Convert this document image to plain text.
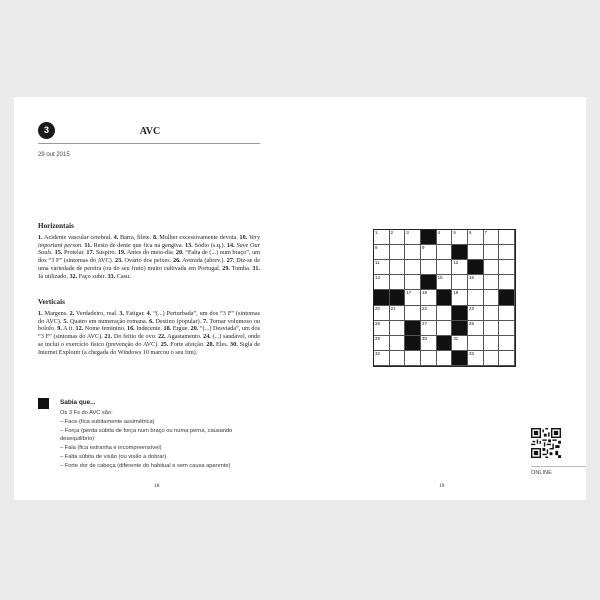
3	AVC
29 out 2015
Horizontais
1. Acidente vascular cerebral. 4. Barra, filete. 8. Mulher excessivamente devota. 10. Very important person. 11. Resto de dente que fica na gengiva. 13. Sódio (s.q.). 14. Save Our Souls. 15. Protelar. 17. Suspiro. 19. Antes do meio-dia. 20. “Falta de (...) num braço”, um dos “3 F” (sintomas do AVC). 23. Ovário dos peixes. 26. Avenida (abrev.). 27. Diz-se de uma variedade de pereira (ou do seu fruto) muito cultivada em Portugal. 29. Tomba. 31. Já utilizado. 32. Faço subir. 33. Casu.
Verticais
1. Margens. 2. Verdadeiro, real. 3. Fatigar. 4. “(...) Perturbada”, um dos “3 F” (sintomas do AVC). 5. Quatro em numeração romana. 6. Destino (popular). 7. Tornar volumoso ou bolofo. 9. A ti. 12. Nome feminino. 16. Indecente. 18. Ergue. 20. “(...) Desviada”, um dos “3 F” (sintomas do AVC). 21. Do feitio de ovo. 22. Agastamento. 24. (...) saudável, onde se inclui o exercício físico (prevenção do AVC). 25. Forte afeição. 28. Eles. 30. Sigla de Internet Explorer (a chegada do Windows 10 marcou o seu fim).
Sabia que...
Os 3 Fs do AVC são:
– Face (fica subitamente assimétrica)
– Força (perda súbita de força num braço ou numa perna, causando
desequilíbrio)
– Fala (fica estranha e incompreensível)
– Falta súbita de visão (ou visão a dobrar)
– Forte dor de cabeça (diferente do habitual e sem causa aparente)
18	19
1	2	3	4	5	6	7
8	9
11	12
14	15	16
17 18	19
20 21	22	23
26	27	28
29	30	31
32	33
ONLINE
